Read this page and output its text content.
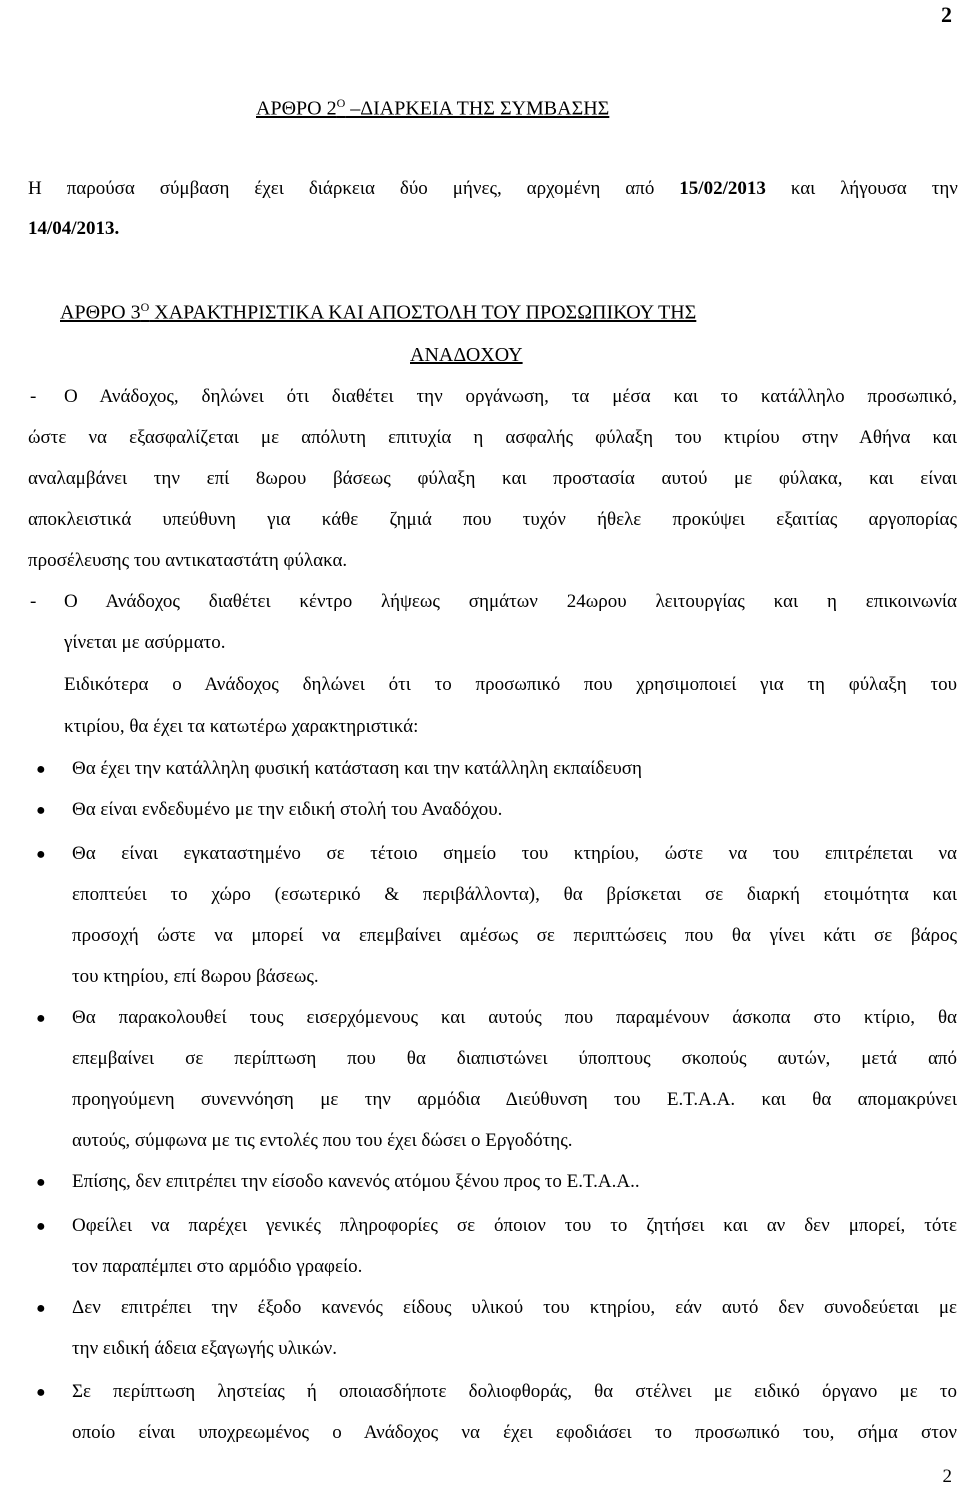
2
ΑΡΘΡΟ $2^O$ –ΔΙΑΡΚΕΙΑ ΤΗΣ ΣΥΜΒΑΣΗΣ
Η παρούσα σύμβαση έχει διάρκεια δύο μήνες, αρχομένη από 15/02/2013 και λήγουσα την
14/04/2013.
ΑΡΘΡΟ $3^O$ ΧΑΡΑΚΤΗΡΙΣΤΙΚΑ ΚΑΙ ΑΠΟΣΤΟΛΗ ΤΟΥ ΠΡΟΣΩΠΙΚΟΥ ΤΗΣ
ΑΝΑΔΟΧΟΥ
- Ο Ανάδοχος, δηλώνει ότι διαθέτει την οργάνωση, τα μέσα και το κατάλληλο προσωπικό,
ώστε να εξασφαλίζεται με απόλυτη επιτυχία η ασφαλής φύλαξη του κτιρίου στην Αθήνα και
αναλαμβάνει την επί 8ωρου βάσεως φύλαξη και προστασία αυτού με φύλακα, και είναι
αποκλειστικά υπεύθυνη για κάθε ζημιά που τυχόν ήθελε προκύψει εξαιτίας αργοπορίας
προσέλευσης του αντικαταστάτη φύλακα.
- Ο Ανάδοχος διαθέτει κέντρο λήψεως σημάτων 24ωρου λειτουργίας και η επικοινωνία
γίνεται με ασύρματο.
Ειδικότερα ο Ανάδοχος δηλώνει ότι το προσωπικό που χρησιμοποιεί για τη φύλαξη του
κτιρίου, θα έχει τα κατωτέρω χαρακτηριστικά:
● Θα έχει την κατάλληλη φυσική κατάσταση και την κατάλληλη εκπαίδευση
● Θα είναι ενδεδυμένο με την ειδική στολή του Αναδόχου.
● Θα είναι εγκαταστημένο σε τέτοιο σημείο του κτηρίου, ώστε να του επιτρέπεται να
εποπτεύει το χώρο (εσωτερικό & περιβάλλοντα), θα βρίσκεται σε διαρκή ετοιμότητα και
προσοχή ώστε να μπορεί να επεμβαίνει αμέσως σε περιπτώσεις που θα γίνει κάτι σε βάρος
του κτηρίου, επί 8ωρου βάσεως.
● Θα παρακολουθεί τους εισερχόμενους και αυτούς που παραμένουν άσκοπα στο κτίριο, θα
επεμβαίνει σε περίπτωση που θα διαπιστώνει ύποπτους σκοπούς αυτών, μετά από
προηγούμενη συνεννόηση με την αρμόδια Διεύθυνση του Ε.Τ.Α.Α. και θα απομακρύνει
αυτούς, σύμφωνα με τις εντολές που του έχει δώσει ο Εργοδότης.
● Επίσης, δεν επιτρέπει την είσοδο κανενός ατόμου ξένου προς το Ε.Τ.Α.Α..
● Οφείλει να παρέχει γενικές πληροφορίες σε όποιον του το ζητήσει και αν δεν μπορεί, τότε
τον παραπέμπει στο αρμόδιο γραφείο.
● Δεν επιτρέπει την έξοδο κανενός είδους υλικού του κτηρίου, εάν αυτό δεν συνοδεύεται με
την ειδική άδεια εξαγωγής υλικών.
● Σε περίπτωση ληστείας ή οποιασδήποτε δολιοφθοράς, θα στέλνει με ειδικό όργανο με το
οποίο είναι υποχρεωμένος ο Ανάδοχος να έχει εφοδιάσει το προσωπικό του, σήμα στον
2
